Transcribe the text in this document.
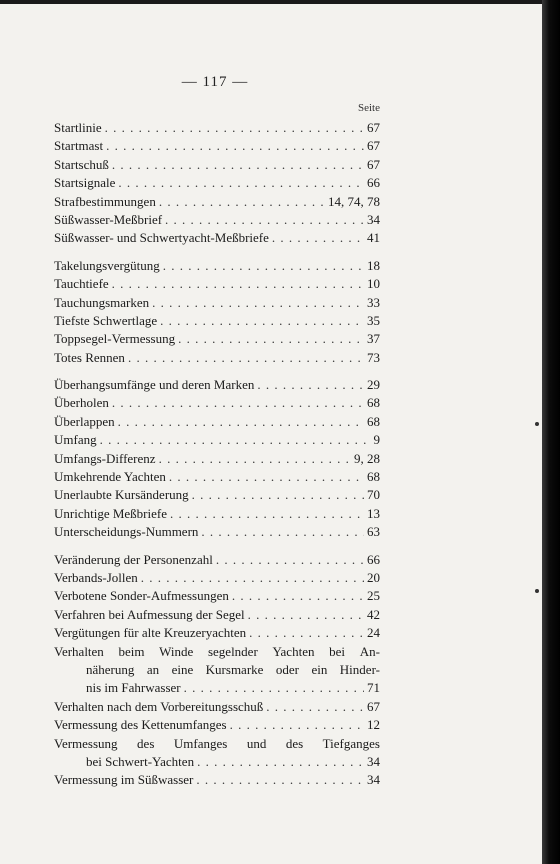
— 117 —
Seite
Startlinie . . .	67
Startmast . . .	67
Startschuß . . .	67
Startsignale . . .	66
Strafbestimmungen . . .	14, 74, 78
Süßwasser-Meßbrief . . .	34
Süßwasser- und Schwertyacht-Meßbriefe . . .	41
Takelungsvergütung . . .	18
Tauchtiefe . . .	10
Tauchungsmarken . . .	33
Tiefste Schwertlage . . .	35
Toppsegel-Vermessung . . .	37
Totes Rennen . . .	73
Überhangsumfänge und deren Marken . . .	29
Überholen . . .	68
Überlappen . . .	68
Umfang . . .	9
Umfangs-Differenz . . .	9, 28
Umkehrende Yachten . . .	68
Unerlaubte Kursänderung . . .	70
Unrichtige Meßbriefe . . .	13
Unterscheidungs-Nummern . . .	63
Veränderung der Personenzahl . . .	66
Verbands-Jollen . . .	20
Verbotene Sonder-Aufmessungen . . .	25
Verfahren bei Aufmessung der Segel . . .	42
Vergütungen für alte Kreuzeryachten . . .	24
Verhalten beim Winde segelnder Yachten bei An-
näherung an eine Kursmarke oder ein Hinder-
nis im Fahrwasser . . .	71
Verhalten nach dem Vorbereitungsschuß . . .	67
Vermessung des Kettenumfanges . . .	12
Vermessung des Umfanges und des Tiefganges
bei Schwert-Yachten . . .	34
Vermessung im Süßwasser . . .	34
